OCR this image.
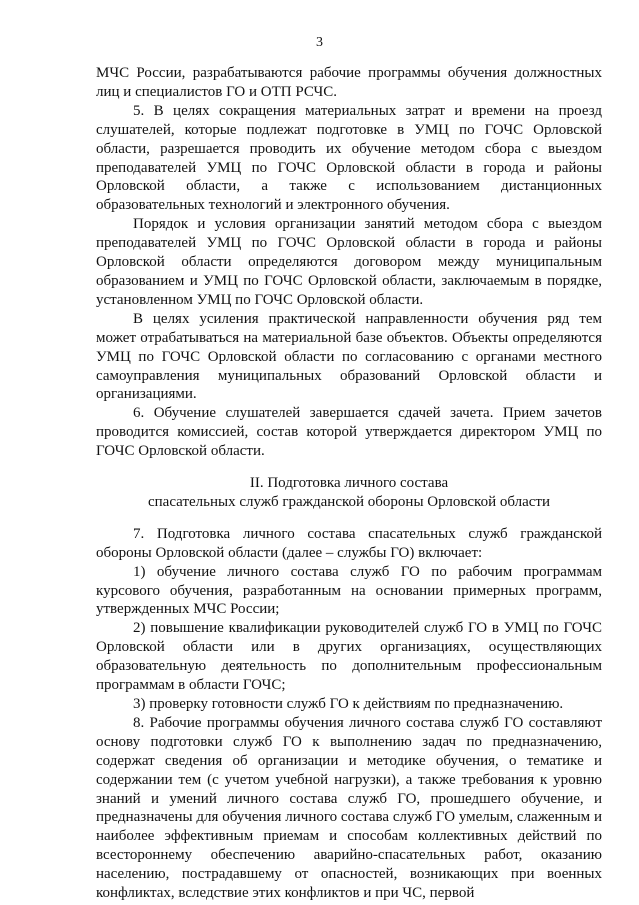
3

МЧС России, разрабатываются рабочие программы обучения должностных лиц и специалистов ГО и ОТП РСЧС.

5. В целях сокращения материальных затрат и времени на проезд слушателей, которые подлежат подготовке в УМЦ по ГОЧС Орловской области, разрешается проводить их обучение методом сбора с выездом преподавателей УМЦ по ГОЧС Орловской области в города и районы Орловской области, а также с использованием дистанционных образовательных технологий и электронного обучения.

Порядок и условия организации занятий методом сбора с выездом преподавателей УМЦ по ГОЧС Орловской области в города и районы Орловской области определяются договором между муниципальным образованием и УМЦ по ГОЧС Орловской области, заключаемым в порядке, установленном УМЦ по ГОЧС Орловской области.

В целях усиления практической направленности обучения ряд тем может отрабатываться на материальной базе объектов. Объекты определяются УМЦ по ГОЧС Орловской области по согласованию с органами местного самоуправления муниципальных образований Орловской области и организациями.

6. Обучение слушателей завершается сдачей зачета. Прием зачетов проводится комиссией, состав которой утверждается директором УМЦ по ГОЧС Орловской области.

II. Подготовка личного состава
спасательных служб гражданской обороны Орловской области

7. Подготовка личного состава спасательных служб гражданской обороны Орловской области (далее – службы ГО) включает:

1) обучение личного состава служб ГО по рабочим программам курсового обучения, разработанным на основании примерных программ, утвержденных МЧС России;

2) повышение квалификации руководителей служб ГО в УМЦ по ГОЧС Орловской области или в других организациях, осуществляющих образовательную деятельность по дополнительным профессиональным программам в области ГОЧС;

3) проверку готовности служб ГО к действиям по предназначению.

8. Рабочие программы обучения личного состава служб ГО составляют основу подготовки служб ГО к выполнению задач по предназначению, содержат сведения об организации и методике обучения, о тематике и содержании тем (с учетом учебной нагрузки), а также требования к уровню знаний и умений личного состава служб ГО, прошедшего обучение, и предназначены для обучения личного состава служб ГО умелым, слаженным и наиболее эффективным приемам и способам коллективных действий по всестороннему обеспечению аварийно-спасательных работ, оказанию населению, пострадавшему от опасностей, возникающих при военных конфликтах, вследствие этих конфликтов и при ЧС, первой
